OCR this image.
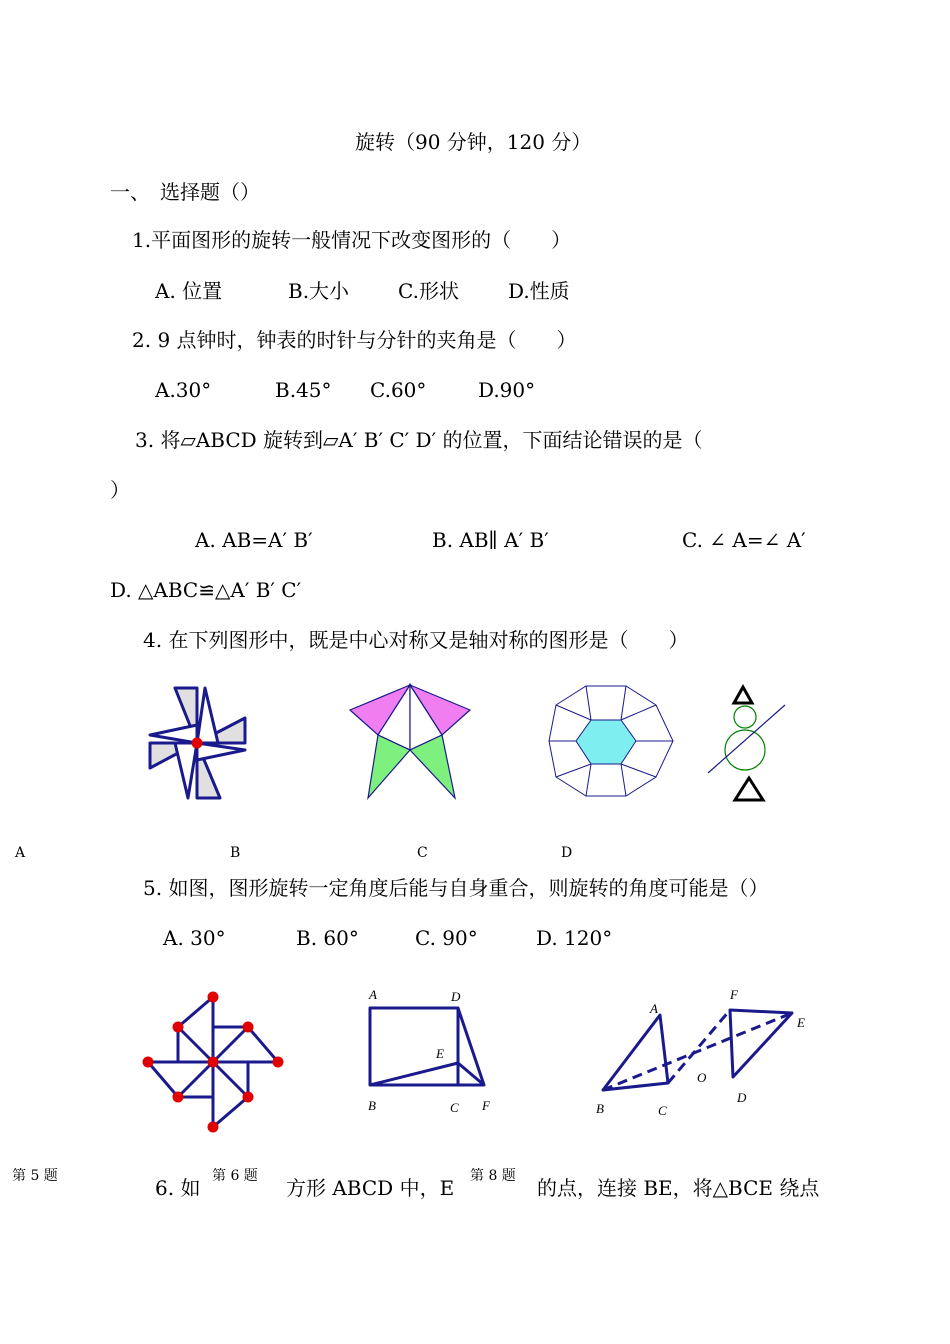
旋转（90 分钟，120 分）
一、　选择题（）
1.平面图形的旋转一般情况下改变图形的（　　）
A. 位置	B.大小 C.形状 D.性质
2. 9 点钟时，钟表的时针与分针的夹角是（　　）
A.30°	B.45° C.60°	D.90°
3. 将▱ABCD 旋转到▱A′ B′ C′ D′ 的位置，下面结论错误的是（
）
A. AB=A′ B′	B. AB∥ A′ B′	C. ∠ A=∠ A′
D. △ABC≌△A′ B′ C′
4. 在下列图形中，既是中心对称又是轴对称的图形是（　　）
A	B	C	D
5. 如图，图形旋转一定角度后能与自身重合，则旋转的角度可能是（）
A. 30°	B. 60°	C. 90°	D. 120°
A	D
E
B	C F
A
F
E
O
B	C
D
第 5 题	第 6 题	第 8 题
6. 如	方形 ABCD 中，E	的点，连接 BE，将△BCE 绕点
